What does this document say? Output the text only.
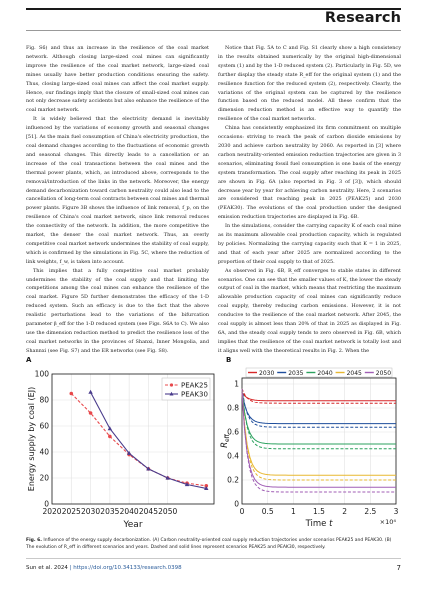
Research

Fig. S6) and thus an increase in the resilience of the coal market network. Although closing large-sized coal mines can significantly improve the resilience of the coal market network, large-sized coal mines usually have better production conditions ensuring the safety. Thus, closing large-sized coal mines can affect the coal market supply. Hence, our findings imply that the closure of small-sized coal mines can not only decrease safety accidents but also enhance the resilience of the coal market network.

It is widely believed that the electricity demand is inevitably influenced by the variations of economy growth and seasonal changes [51]. As the main fuel consumption of China's electricity production, the coal demand changes according to the fluctuations of economic growth and seasonal changes. This directly leads to a cancellation or an increase of the coal transactions between the coal mines and the thermal power plants, which, as introduced above, corresponds to the removal/introduction of the links in the network. Moreover, the energy demand decarbonization toward carbon neutrality could also lead to the cancellation of long-term coal contracts between coal mines and thermal power plants. Figure 3B shows the influence of link removal, f_p, on the resilience of China's coal market network, since link removal reduces the connectivity of the network. In addition, the more competitive the market, the denser the coal market network. Thus, an overly competitive coal market network undermines the stability of coal supply, which is confirmed by the simulations in Fig. 5C, where the reduction of link weights, f_w, is taken into account.

This implies that a fully competitive coal market probably undermines the stability of the coal supply and that limiting the competitions among the coal mines can enhance the resilience of the coal market. Figure 5D further demonstrates the efficacy of the 1-D reduced system. Such an efficacy is due to the fact that the above realistic perturbations lead to the variations of the bifurcation parameter β_eff for the 1-D reduced system (see Figs. S6A to C). We also use the dimension reduction method to predict the resilience loss of the coal market networks in the provinces of Shanxi, Inner Mongolia, and Shannxi (see Fig. S7) and the ER networks (see Fig. S8).

Notice that Fig. 5A to C and Fig. S1 clearly show a high consistency in the results obtained numerically by the original high-dimensional system (1) and by the 1-D reduced system (2). Particularly in Fig. 5D, we further display the steady state R_eff for the original system (1) and the resilience function for the reduced system (2), respectively. Clearly, the variations of the original system can be captured by the resilience function based on the reduced model. All these confirm that the dimension reduction method is an effective way to quantify the resilience of the coal market networks.

China has consistently emphasized its firm commitment on multiple occasions: striving to reach the peak of carbon dioxide emissions by 2030 and achieve carbon neutrality by 2060. As reported in [3] where carbon neutrality-oriented emission reduction trajectories are given in 3 scenarios, eliminating fossil fuel consumption is one basis of the energy system transformation. The coal supply after reaching its peak in 2025 are shown in Fig. 6A (also reported in Fig. 3 of [3]), which should decrease year by year for achieving carbon neutrality. Here, 2 scenarios are considered that reaching peak in 2025 (PEAK25) and 2030 (PEAK30). The evolutions of the coal production under the designed emission reduction trajectories are displayed in Fig. 6B.

In the simulations, consider the carrying capacity K of each coal mine as its maximum allowable coal production capacity, which is regulated by policies. Normalizing the carrying capacity such that K = 1 in 2025, and that of each year after 2025 are normalized according to the proportion of their coal supply to that of 2025.

As observed in Fig. 6B, R_eff converges to stable states in different scenarios. One can see that the smaller values of K, the lower the steady output of coal in the market, which means that restricting the maximum allowable production capacity of coal mines can significantly reduce coal supply, thereby reducing carbon emissions. However, it is not conducive to the resilience of the coal market network. After 2045, the coal supply is almost less than 20% of that in 2025 as displayed in Fig. 6A, and the steady coal supply tends to zero observed in Fig. 6B, which implies that the resilience of the coal market network is totally lost and it aligns well with the theoretical results in Fig. 2. When the

A	B
0
20
40
60
80
100
2020 2025 2030 2035 2040 2045 2050
PEAK25
PEAK30
Year
Energy supply by coal (EJ)
0
0.2
0.4
0.6
0.8
1
0 0.5 1 1.5 2 2.5 3
2030 2035 2040 2045 2050
Time t	×10⁴
$R_{eff}$
Fig. 6. Influence of the energy supply decarbonization. (A) Carbon neutrality-oriented coal supply reduction trajectories under scenarios PEAK25 and PEAK30. (B) The evolution of R_eff in different scenarios and years. Dashed and solid lines represent scenarios PEAK25 and PEAK30, respectively.
Sun et al. 2024 | https://doi.org/10.34133/research.0398	7
